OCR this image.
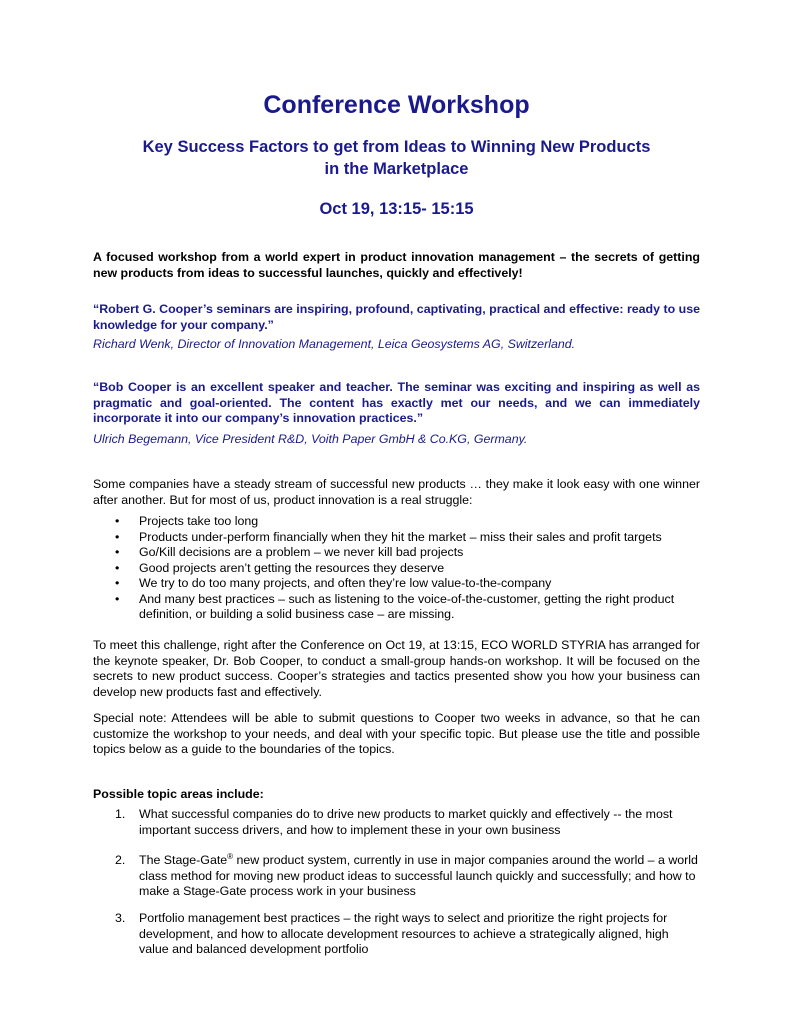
Conference Workshop
Key Success Factors to get from Ideas to Winning New Products
in the Marketplace
Oct 19, 13:15- 15:15

A focused workshop from a world expert in product innovation management – the secrets of getting new products from ideas to successful launches, quickly and effectively!

“Robert G. Cooper’s seminars are inspiring, profound, captivating, practical and effective: ready to use knowledge for your company.”

Richard Wenk, Director of Innovation Management, Leica Geosystems AG, Switzerland.

“Bob Cooper is an excellent speaker and teacher. The seminar was exciting and inspiring as well as pragmatic and goal-oriented. The content has exactly met our needs, and we can immediately incorporate it into our company’s innovation practices.”

Ulrich Begemann, Vice President R&D, Voith Paper GmbH & Co.KG, Germany.

Some companies have a steady stream of successful new products … they make it look easy with one winner after another. But for most of us, product innovation is a real struggle:

• Projects take too long
• Products under-perform financially when they hit the market – miss their sales and profit targets
• Go/Kill decisions are a problem – we never kill bad projects
• Good projects aren’t getting the resources they deserve
• We try to do too many projects, and often they’re low value-to-the-company
• And many best practices – such as listening to the voice-of-the-customer, getting the right product definition, or building a solid business case – are missing.

To meet this challenge, right after the Conference on Oct 19, at 13:15, ECO WORLD STYRIA has arranged for the keynote speaker, Dr. Bob Cooper, to conduct a small-group hands-on workshop. It will be focused on the secrets to new product success. Cooper’s strategies and tactics presented show you how your business can develop new products fast and effectively.

Special note: Attendees will be able to submit questions to Cooper two weeks in advance, so that he can customize the workshop to your needs, and deal with your specific topic. But please use the title and possible topics below as a guide to the boundaries of the topics.

Possible topic areas include:

1.	What successful companies do to drive new products to market quickly and effectively -- the most important success drivers, and how to implement these in your own business
2.	The Stage-Gate® new product system, currently in use in major companies around the world – a world class method for moving new product ideas to successful launch quickly and successfully; and how to make a Stage-Gate process work in your business
3.	Portfolio management best practices – the right ways to select and prioritize the right projects for development, and how to allocate development resources to achieve a strategically aligned, high value and balanced development portfolio
